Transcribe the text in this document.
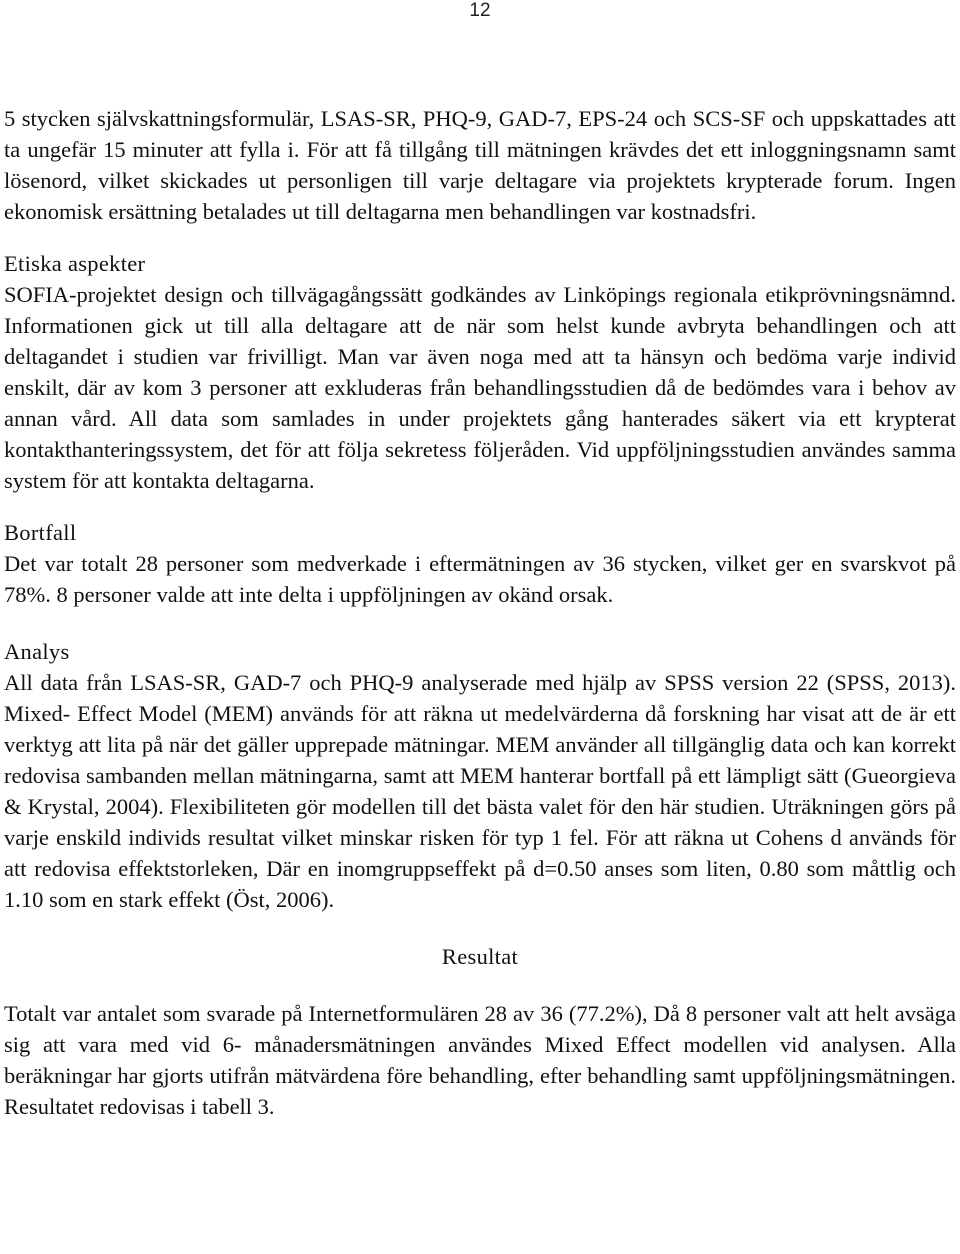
12

5 stycken självskattningsformulär, LSAS-SR, PHQ-9, GAD-7, EPS-24 och SCS-SF och uppskattades att ta ungefär 15 minuter att fylla i. För att få tillgång till mätningen krävdes det ett inloggningsnamn samt lösenord, vilket skickades ut personligen till varje deltagare via projektets krypterade forum. Ingen ekonomisk ersättning betalades ut till deltagarna men behandlingen var kostnadsfri.

Etiska aspekter

SOFIA-projektet design och tillvägagångssätt godkändes av Linköpings regionala etikprövningsnämnd. Informationen gick ut till alla deltagare att de när som helst kunde avbryta behandlingen och att deltagandet i studien var frivilligt. Man var även noga med att ta hänsyn och bedöma varje individ enskilt, där av kom 3 personer att exkluderas från behandlingsstudien då de bedömdes vara i behov av annan vård. All data som samlades in under projektets gång hanterades säkert via ett krypterat kontakthanteringssystem, det för att följa sekretess följeråden. Vid uppföljningsstudien användes samma system för att kontakta deltagarna.

Bortfall

Det var totalt 28 personer som medverkade i eftermätningen av 36 stycken, vilket ger en svarskvot på 78%. 8 personer valde att inte delta i uppföljningen av okänd orsak.

Analys

All data från LSAS-SR, GAD-7 och PHQ-9 analyserade med hjälp av SPSS version 22 (SPSS, 2013). Mixed- Effect Model (MEM) används för att räkna ut medelvärderna då forskning har visat att de är ett verktyg att lita på när det gäller upprepade mätningar. MEM använder all tillgänglig data och kan korrekt redovisa sambanden mellan mätningarna, samt att MEM hanterar bortfall på ett lämpligt sätt (Gueorgieva & Krystal, 2004). Flexibiliteten gör modellen till det bästa valet för den här studien. Uträkningen görs på varje enskild individs resultat vilket minskar risken för typ 1 fel. För att räkna ut Cohens d används för att redovisa effektstorleken, Där en inomgruppseffekt på d=0.50 anses som liten, 0.80 som måttlig och 1.10 som en stark effekt (Öst, 2006).

Resultat

Totalt var antalet som svarade på Internetformulären 28 av 36 (77.2%), Då 8 personer valt att helt avsäga sig att vara med vid 6- månadersmätningen användes Mixed Effect modellen vid analysen. Alla beräkningar har gjorts utifrån mätvärdena före behandling, efter behandling samt uppföljningsmätningen. Resultatet redovisas i tabell 3.
